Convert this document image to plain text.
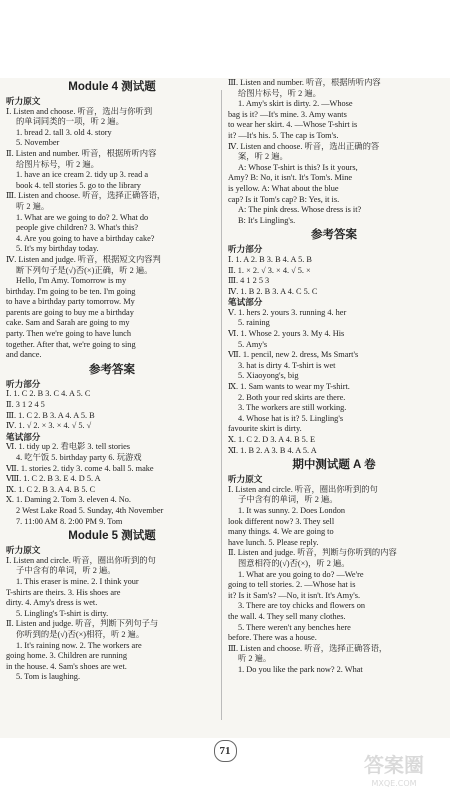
Module 4 测试题
听力原文
Ⅰ. Listen and choose. 听音，选出与你听到
的单词同类的一项，听 2 遍。
1. bread 2. tall 3. old 4. story
5. November
Ⅱ. Listen and number. 听音，根据所听内容
给图片标号，听 2 遍。
1. have an ice cream 2. tidy up 3. read a
book 4. tell stories 5. go to the library
Ⅲ. Listen and choose. 听音，选择正确答语，
听 2 遍。
1. What are we going to do? 2. What do
people give children? 3. What's this?
4. Are you going to have a birthday cake?
5. It's my birthday today.
Ⅳ. Listen and judge. 听音，根据短文内容判
断下列句子是(√)否(×)正确，听 2 遍。
Hello, I'm Amy. Tomorrow is my
birthday. I'm going to be ten. I'm going
to have a birthday party tomorrow. My
parents are going to buy me a birthday
cake. Sam and Sarah are going to my
party. Then we're going to have lunch
together. After that, we're going to sing
and dance.
参考答案
听力部分
Ⅰ. 1. C 2. B 3. C 4. A 5. C
Ⅱ. 3 1 2 4 5
Ⅲ. 1. C 2. B 3. A 4. A 5. B
Ⅳ. 1. √ 2. × 3. × 4. √ 5. √
笔试部分
Ⅵ. 1. tidy up 2. 看电影 3. tell stories
4. 吃午饭 5. birthday party 6. 玩游戏
Ⅶ. 1. stories 2. tidy 3. come 4. ball 5. make
Ⅷ. 1. C 2. B 3. E 4. D 5. A
Ⅸ. 1. C 2. B 3. A 4. B 5. C
Ⅹ. 1. Daming 2. Tom 3. eleven 4. No.
2 West Lake Road 5. Sunday, 4th November
7. 11:00 AM 8. 2:00 PM 9. Tom
Module 5 测试题
听力原文
Ⅰ. Listen and circle. 听音，圈出你听到的句
子中含有的单词，听 2 遍。
1. This eraser is mine. 2. I think your
T-shirts are theirs. 3. His shoes are
dirty. 4. Amy's dress is wet.
5. Lingling's T-shirt is dirty.
Ⅱ. Listen and judge. 听音，判断下列句子与
你听到的是(√)否(×)相符，听 2 遍。
1. It's raining now. 2. The workers are
going home. 3. Children are running
in the house. 4. Sam's shoes are wet.
5. Tom is laughing.
Ⅲ. Listen and number. 听音，根据所听内容
给图片标号，听 2 遍。
1. Amy's skirt is dirty. 2. —Whose
bag is it? —It's mine. 3. Amy wants
to wear her skirt. 4. —Whose T-shirt is
it? —It's his. 5. The cap is Tom's.
Ⅳ. Listen and choose. 听音，选出正确的答
案，听 2 遍。
A: Whose T-shirt is this? Is it yours,
Amy? B: No, it isn't. It's Tom's. Mine
is yellow. A: What about the blue
cap? Is it Tom's cap? B: Yes, it is.
A: The pink dress. Whose dress is it?
B: It's Lingling's.
参考答案
听力部分
Ⅰ. 1. A 2. B 3. B 4. A 5. B
Ⅱ. 1. × 2. √ 3. × 4. √ 5. ×
Ⅲ. 4 1 2 5 3
Ⅳ. 1. B 2. B 3. A 4. C 5. C
笔试部分
Ⅴ. 1. hers 2. yours 3. running 4. her
5. raining
Ⅵ. 1. Whose 2. yours 3. My 4. His
5. Amy's
Ⅶ. 1. pencil, new 2. dress, Ms Smart's
3. hat is dirty 4. T-shirt is wet
5. Xiaoyong's, big
Ⅸ. 1. Sam wants to wear my T-shirt.
2. Both your red skirts are there.
3. The workers are still working.
4. Whose hat is it? 5. Lingling's
favourite skirt is dirty.
Ⅹ. 1. C 2. D 3. A 4. B 5. E
Ⅺ. 1. B 2. A 3. B 4. A 5. A
期中测试题 A 卷
听力原文
Ⅰ. Listen and circle. 听音，圈出你听到的句
子中含有的单词，听 2 遍。
1. It was sunny. 2. Does London
look different now? 3. They sell
many things. 4. We are going to
have lunch. 5. Please reply.
Ⅱ. Listen and judge. 听音，判断与你听到的内容
图意相符的(√)否(×)，听 2 遍。
1. What are you going to do? —We're
going to tell stories. 2. —Whose hat is
it? Is it Sam's? —No, it isn't. It's Amy's.
3. There are toy chicks and flowers on
the wall. 4. They sell many clothes.
5. There weren't any benches here
before. There was a house.
Ⅲ. Listen and choose. 听音，选择正确答语，
听 2 遍。
1. Do you like the park now? 2. What
71
答案圈
MXQE.COM
